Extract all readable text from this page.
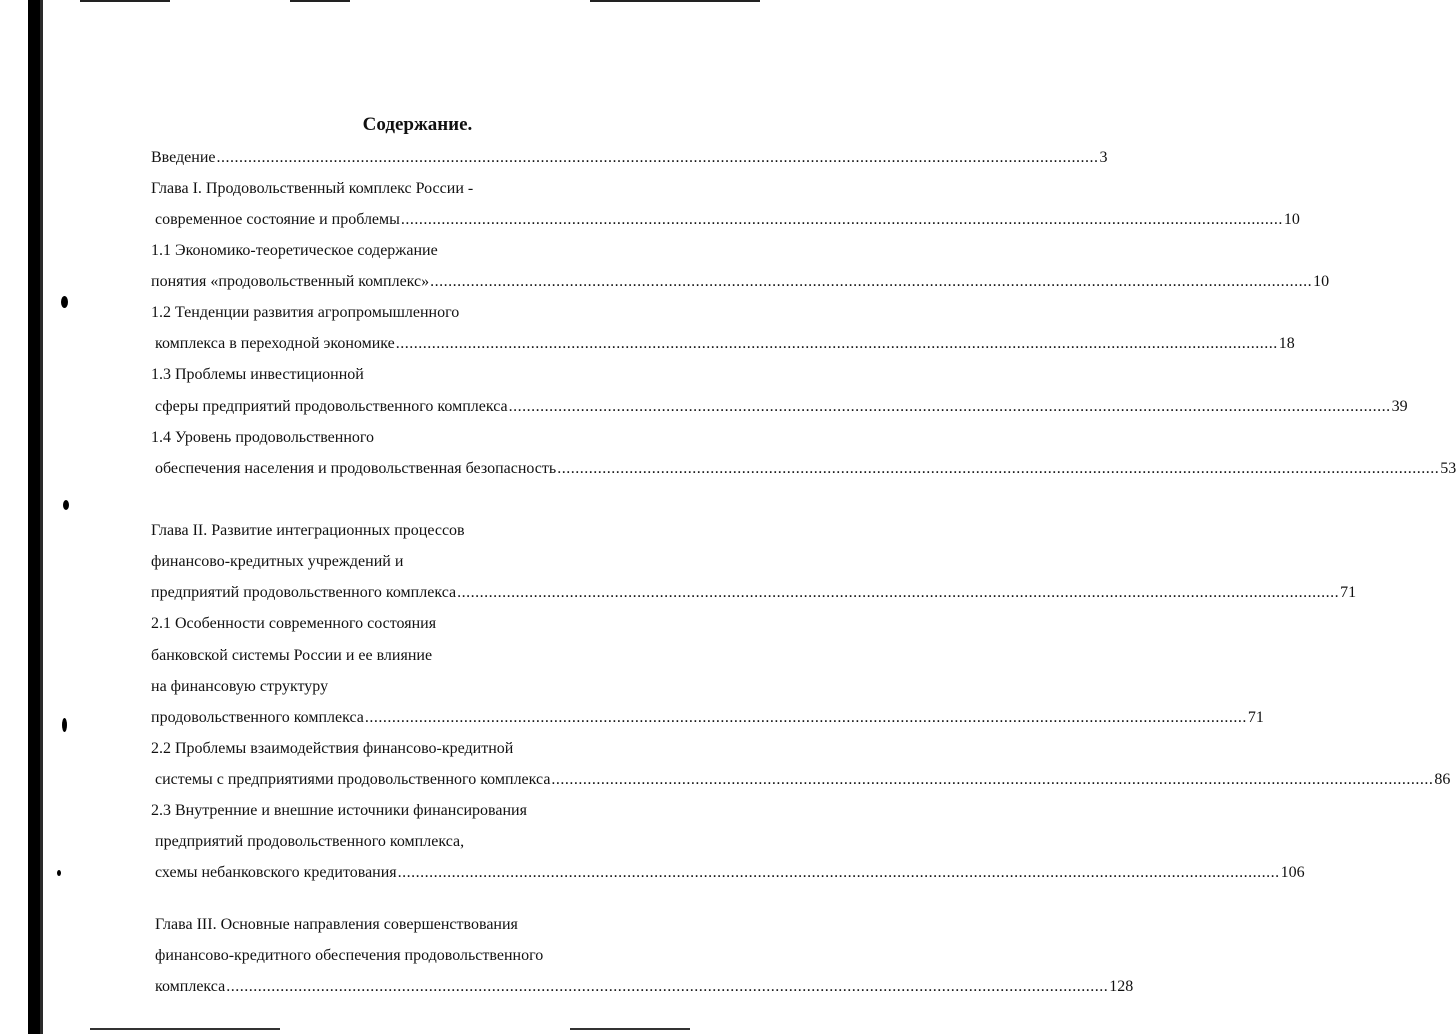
Содержание.
Введение .................................................................................................................................................................................................... 3
Глава I. Продовольственный комплекс России -
современное состояние и проблемы .................................................................................................................................................................................................... 10
1.1 Экономико-теоретическое содержание
понятия «продовольственный комплекс» .................................................................................................................................................................................................... 10
1.2 Тенденции развития агропромышленного
комплекса в переходной экономике .................................................................................................................................................................................................... 18
1.3 Проблемы инвестиционной
сферы предприятий продовольственного комплекса .................................................................................................................................................................................................... 39
1.4 Уровень продовольственного
обеспечения населения и продовольственная безопасность .................................................................................................................................................................................................... 53
Глава II. Развитие интеграционных процессов
финансово-кредитных учреждений и
предприятий продовольственного комплекса .................................................................................................................................................................................................... 71
2.1 Особенности современного состояния
банковской системы России и ее влияние
на финансовую структуру
продовольственного комплекса .................................................................................................................................................................................................... 71
2.2 Проблемы взаимодействия финансово-кредитной
системы с предприятиями продовольственного комплекса .................................................................................................................................................................................................... 86
2.3 Внутренние и внешние источники финансирования
предприятий продовольственного комплекса,
схемы небанковского кредитования .................................................................................................................................................................................................... 106
Глава III. Основные направления совершенствования
финансово-кредитного обеспечения продовольственного
комплекса .................................................................................................................................................................................................... 128
